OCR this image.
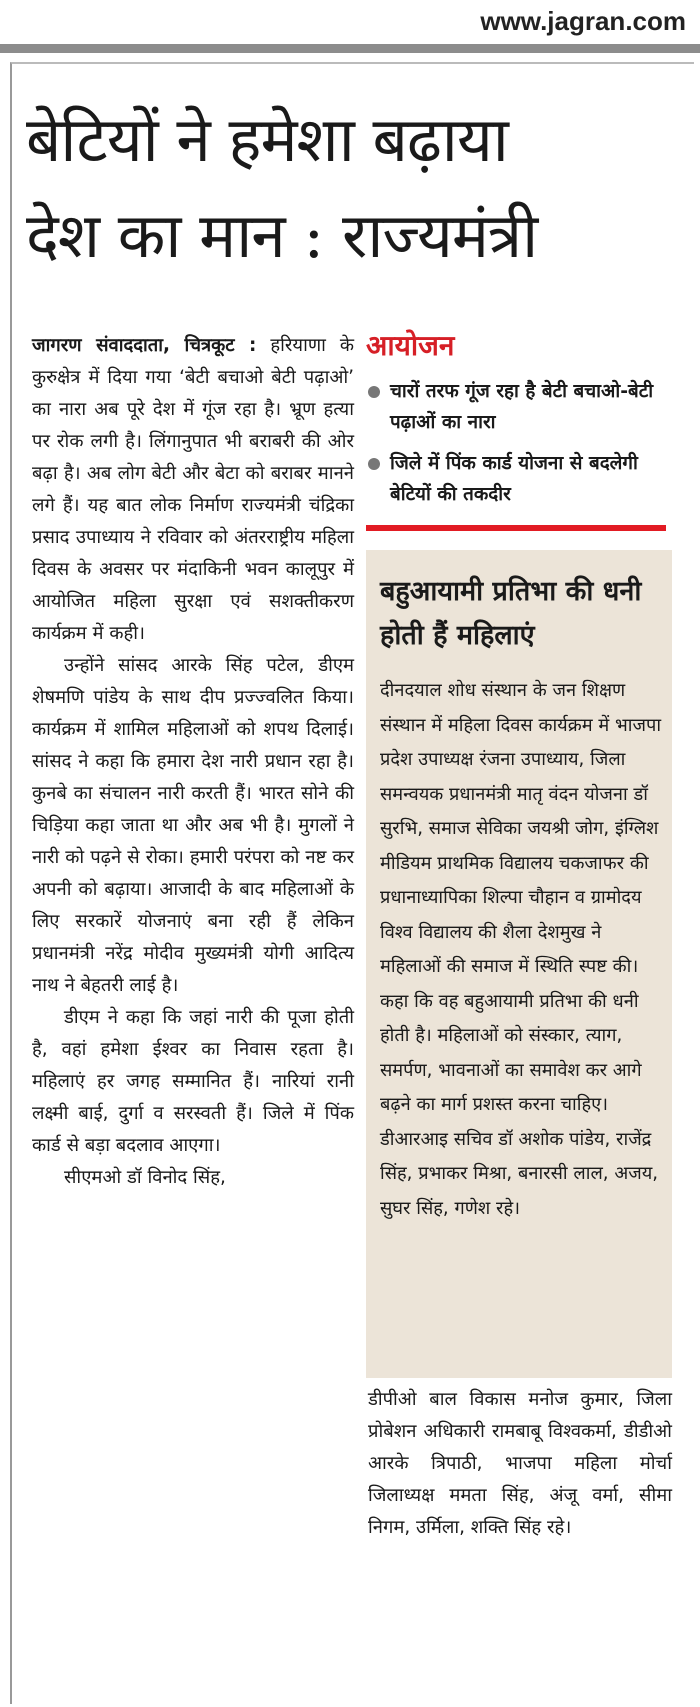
www.jagran.com
बेटियों ने हमेशा बढ़ाया
देश का मान : राज्यमंत्री

जागरण संवाददाता, चित्रकूट : हरियाणा के कुरुक्षेत्र में दिया गया ‘बेटी बचाओ बेटी पढ़ाओ’ का नारा अब पूरे देश में गूंज रहा है। भ्रूण हत्या पर रोक लगी है। लिंगानुपात भी बराबरी की ओर बढ़ा है। अब लोग बेटी और बेटा को बराबर मानने लगे हैं। यह बात लोक निर्माण राज्यमंत्री चंद्रिका प्रसाद उपाध्याय ने रविवार को अंतरराष्ट्रीय महिला दिवस के अवसर पर मंदाकिनी भवन कालूपुर में आयोजित महिला सुरक्षा एवं सशक्तीकरण कार्यक्रम में कही।

उन्होंने सांसद आरके सिंह पटेल, डीएम शेषमणि पांडेय के साथ दीप प्रज्ज्वलित किया। कार्यक्रम में शामिल महिलाओं को शपथ दिलाई। सांसद ने कहा कि हमारा देश नारी प्रधान रहा है। कुनबे का संचालन नारी करती हैं। भारत सोने की चिड़िया कहा जाता था और अब भी है। मुगलों ने नारी को पढ़ने से रोका। हमारी परंपरा को नष्ट कर अपनी को बढ़ाया। आजादी के बाद महिलाओं के लिए सरकारें योजनाएं बना रही हैं लेकिन प्रधानमंत्री नरेंद्र मोदीव मुख्यमंत्री योगी आदित्य नाथ ने बेहतरी लाई है।

डीएम ने कहा कि जहां नारी की पूजा होती है, वहां हमेशा ईश्वर का निवास रहता है। महिलाएं हर जगह सम्मानित हैं। नारियां रानी लक्ष्मी बाई, दुर्गा व सरस्वती हैं। जिले में पिंक कार्ड से बड़ा बदलाव आएगा।

सीएमओ डॉ विनोद सिंह,

आयोजन
चारों तरफ गूंज रहा है बेटी बचाओ-बेटी पढ़ाओं का नारा
जिले में पिंक कार्ड योजना से बदलेगी बेटियों की तकदीर
बहुआयामी प्रतिभा की धनी होती हैं महिलाएं

दीनदयाल शोध संस्थान के जन शिक्षण संस्थान में महिला दिवस कार्यक्रम में भाजपा प्रदेश उपाध्यक्ष रंजना उपाध्याय, जिला समन्वयक प्रधानमंत्री मातृ वंदन योजना डॉ सुरभि, समाज सेविका जयश्री जोग, इंग्लिश मीडियम प्राथमिक विद्यालय चकजाफर की प्रधानाध्यापिका शिल्पा चौहान व ग्रामोदय विश्व विद्यालय की शैला देशमुख ने महिलाओं की समाज में स्थिति स्पष्ट की। कहा कि वह बहुआयामी प्रतिभा की धनी होती है। महिलाओं को संस्कार, त्याग, समर्पण, भावनाओं का समावेश कर आगे बढ़ने का मार्ग प्रशस्त करना चाहिए। डीआरआइ सचिव डॉ अशोक पांडेय, राजेंद्र सिंह, प्रभाकर मिश्रा, बनारसी लाल, अजय, सुघर सिंह, गणेश रहे।

डीपीओ बाल विकास मनोज कुमार, जिला प्रोबेशन अधिकारी रामबाबू विश्वकर्मा, डीडीओ आरके त्रिपाठी, भाजपा महिला मोर्चा जिलाध्यक्ष ममता सिंह, अंजू वर्मा, सीमा निगम, उर्मिला, शक्ति सिंह रहे।
